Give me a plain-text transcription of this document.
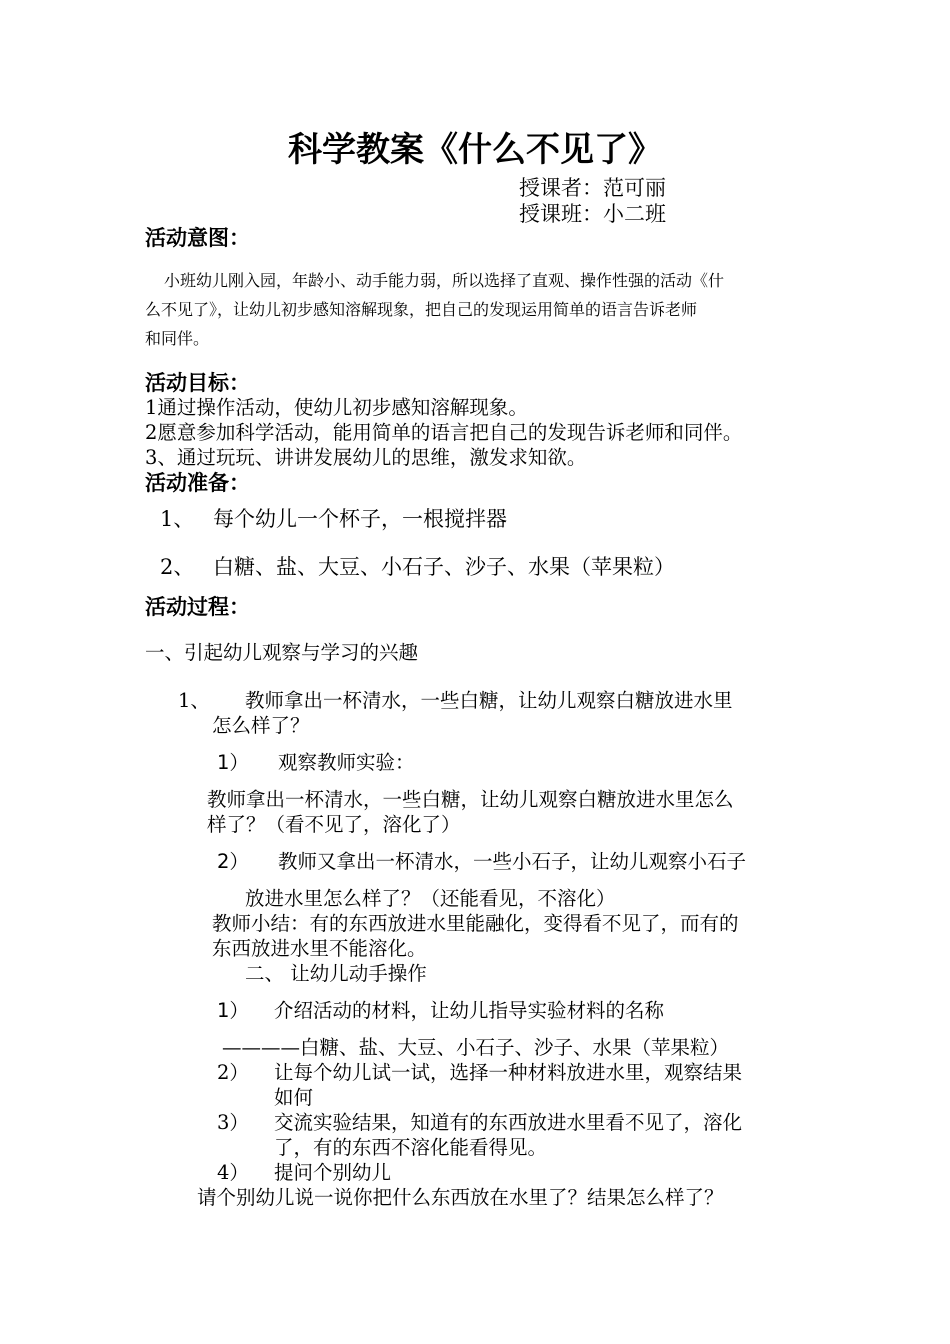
科学教案《什么不见了》
授课者：范可丽
授课班：小二班
活动意图：
小班幼儿刚入园，年龄小、动手能力弱，所以选择了直观、操作性强的活动《什
么不见了》，让幼儿初步感知溶解现象，把自己的发现运用简单的语言告诉老师
和同伴。
活动目标：
1通过操作活动，使幼儿初步感知溶解现象。
2愿意参加科学活动，能用简单的语言把自己的发现告诉老师和同伴。
3、通过玩玩、讲讲发展幼儿的思维，激发求知欲。
活动准备：
1、 每个幼儿一个杯子，一根搅拌器
2、 白糖、盐、大豆、小石子、沙子、水果（苹果粒）
活动过程：
一、引起幼儿观察与学习的兴趣
1、 教师拿出一杯清水，一些白糖，让幼儿观察白糖放进水里
怎么样了？
1） 观察教师实验：
教师拿出一杯清水，一些白糖，让幼儿观察白糖放进水里怎么
样了？（看不见了，溶化了）
2） 教师又拿出一杯清水，一些小石子，让幼儿观察小石子
放进水里怎么样了？（还能看见，不溶化）
教师小结：有的东西放进水里能融化，变得看不见了，而有的
东西放进水里不能溶化。
二、 让幼儿动手操作
1） 介绍活动的材料，让幼儿指导实验材料的名称
————白糖、盐、大豆、小石子、沙子、水果（苹果粒）
2） 让每个幼儿试一试，选择一种材料放进水里，观察结果
如何
3） 交流实验结果，知道有的东西放进水里看不见了，溶化
了，有的东西不溶化能看得见。
4） 提问个别幼儿
请个别幼儿说一说你把什么东西放在水里了？结果怎么样了？
